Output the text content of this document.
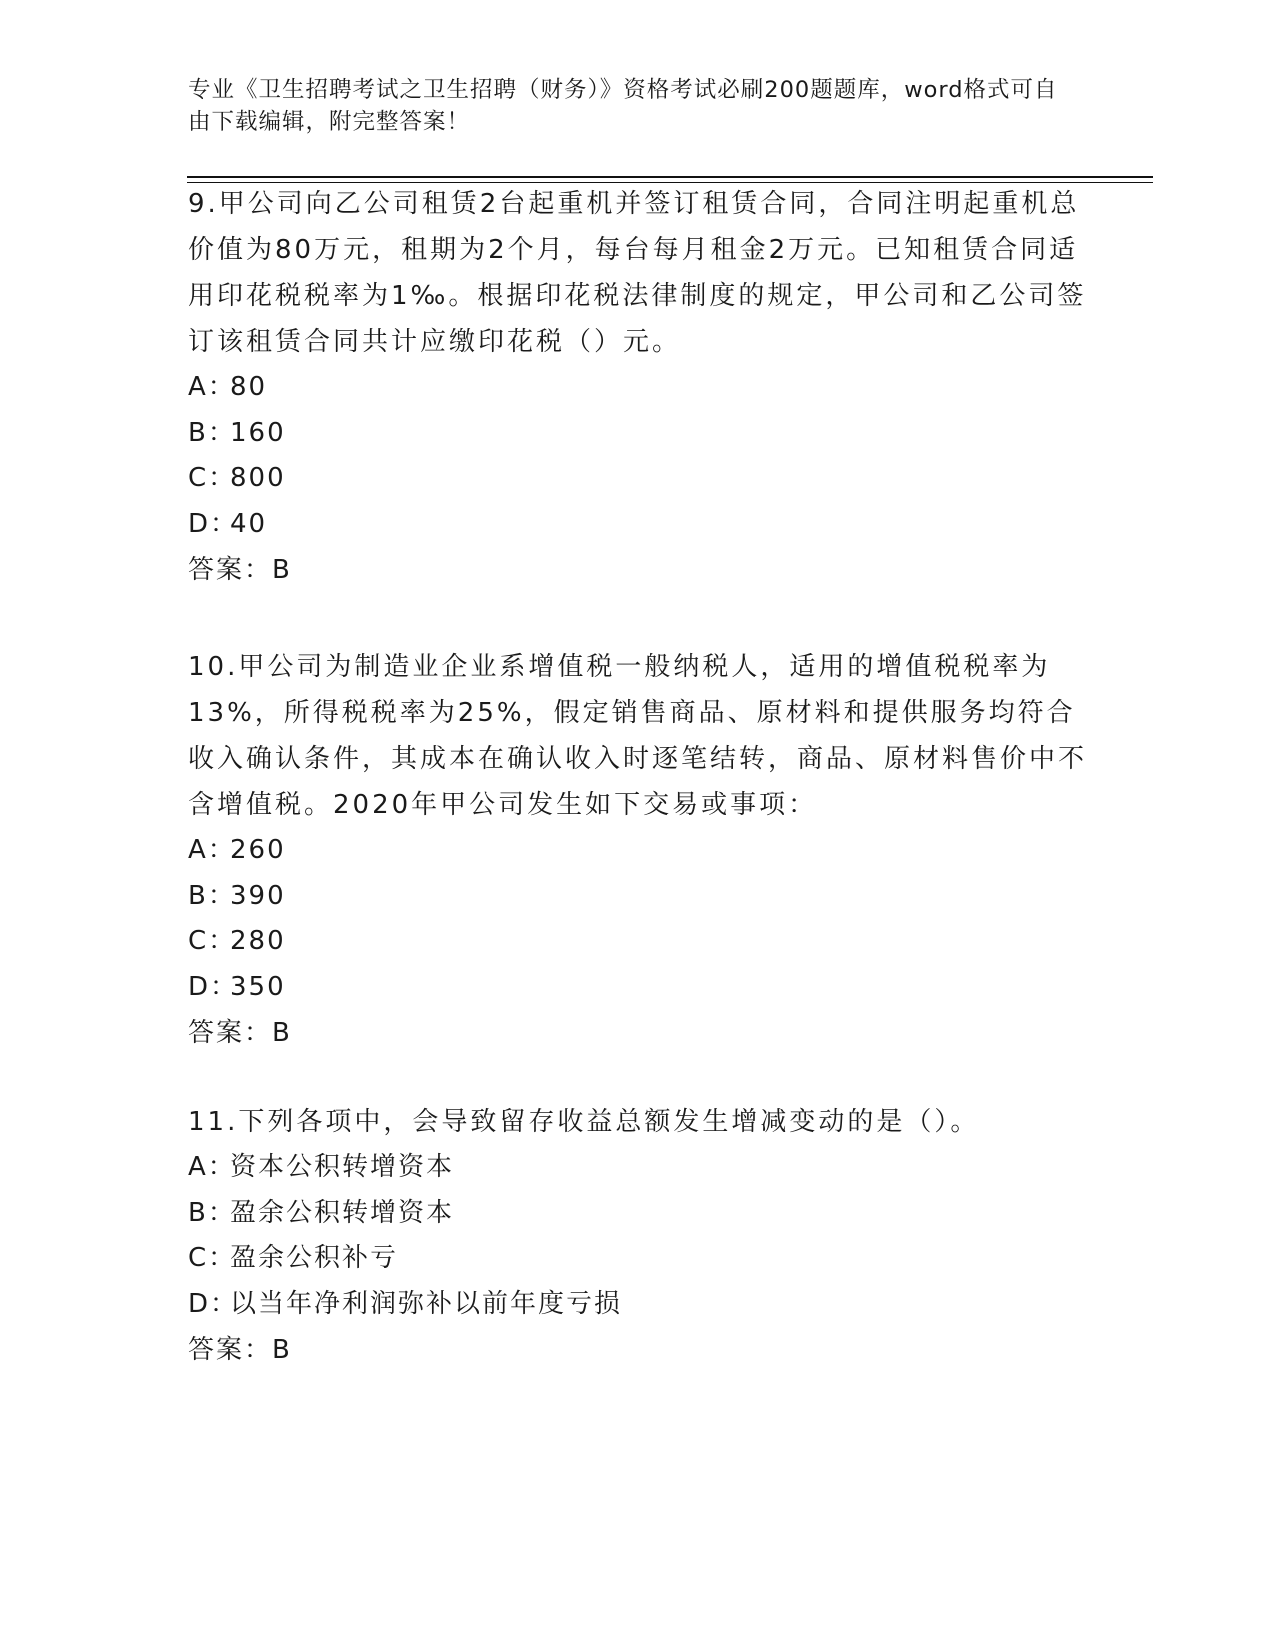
专业《卫生招聘考试之卫生招聘（财务）》资格考试必刷200题题库，word格式可自由下载编辑，附完整答案！

9.甲公司向乙公司租赁2台起重机并签订租赁合同，合同注明起重机总价值为80万元，租期为2个月，每台每月租金2万元。已知租赁合同适用印花税税率为1‰。根据印花税法律制度的规定，甲公司和乙公司签订该租赁合同共计应缴印花税（）元。

A：80

B：160

C：800

D：40

答案：B

10.甲公司为制造业企业系增值税一般纳税人，适用的增值税税率为13%，所得税税率为25%，假定销售商品、原材料和提供服务均符合收入确认条件，其成本在确认收入时逐笔结转，商品、原材料售价中不含增值税。2020年甲公司发生如下交易或事项：

A：260

B：390

C：280

D：350

答案：B

11.下列各项中，会导致留存收益总额发生增减变动的是（）。

A：资本公积转增资本

B：盈余公积转增资本

C：盈余公积补亏

D：以当年净利润弥补以前年度亏损

答案：B
